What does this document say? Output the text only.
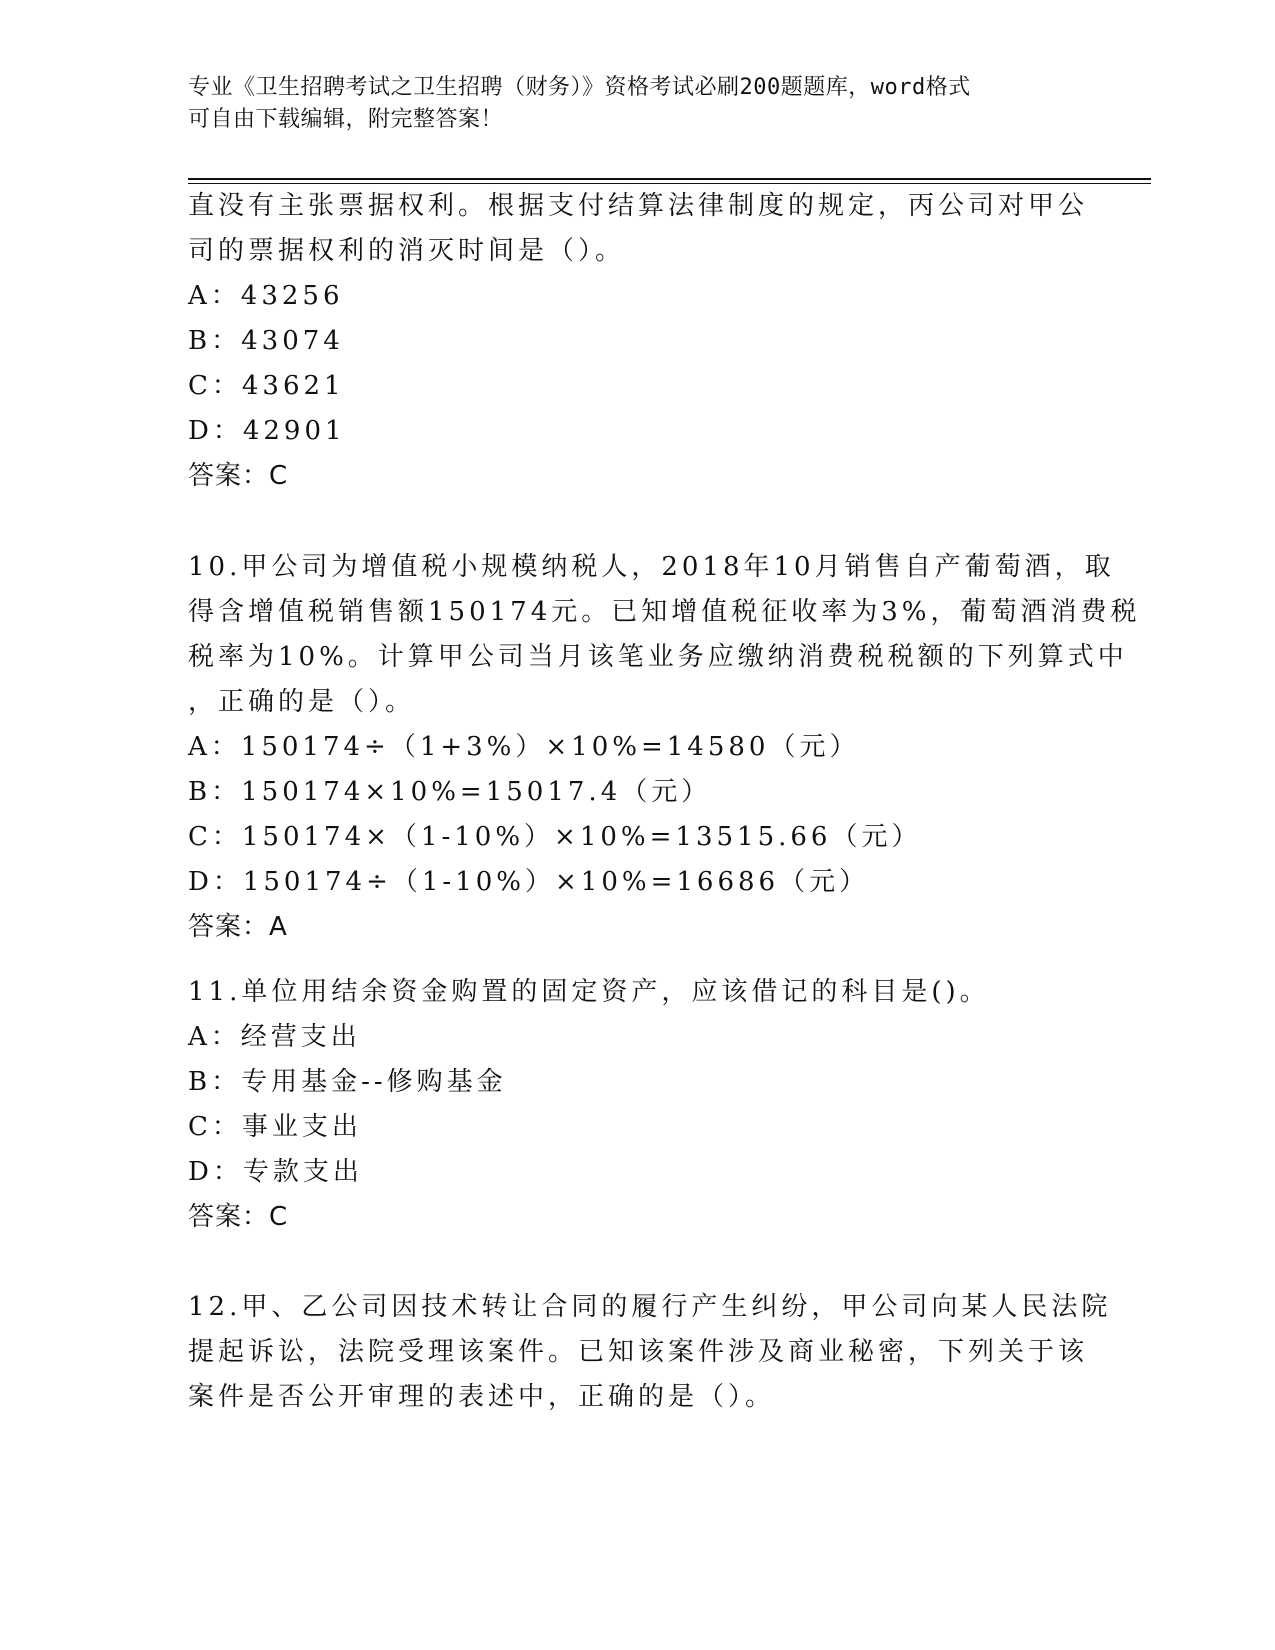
专业《卫生招聘考试之卫生招聘（财务）》资格考试必刷200题题库，word格式
可自由下载编辑，附完整答案！
直没有主张票据权利。根据支付结算法律制度的规定，丙公司对甲公
司的票据权利的消灭时间是（）。
A：43256
B：43074
C：43621
D：42901
答案：C
10.甲公司为增值税小规模纳税人，2018年10月销售自产葡萄酒，取
得含增值税销售额150174元。已知增值税征收率为3%，葡萄酒消费税
税率为10%。计算甲公司当月该笔业务应缴纳消费税税额的下列算式中
，正确的是（）。
A：150174÷（1+3%）×10%=14580（元）
B：150174×10%=15017.4（元）
C：150174×（1-10%）×10%=13515.66（元）
D：150174÷（1-10%）×10%=16686（元）
答案：A
11.单位用结余资金购置的固定资产，应该借记的科目是()。
A：经营支出
B：专用基金--修购基金
C：事业支出
D：专款支出
答案：C
12.甲、乙公司因技术转让合同的履行产生纠纷，甲公司向某人民法院
提起诉讼，法院受理该案件。已知该案件涉及商业秘密，下列关于该
案件是否公开审理的表述中，正确的是（）。
